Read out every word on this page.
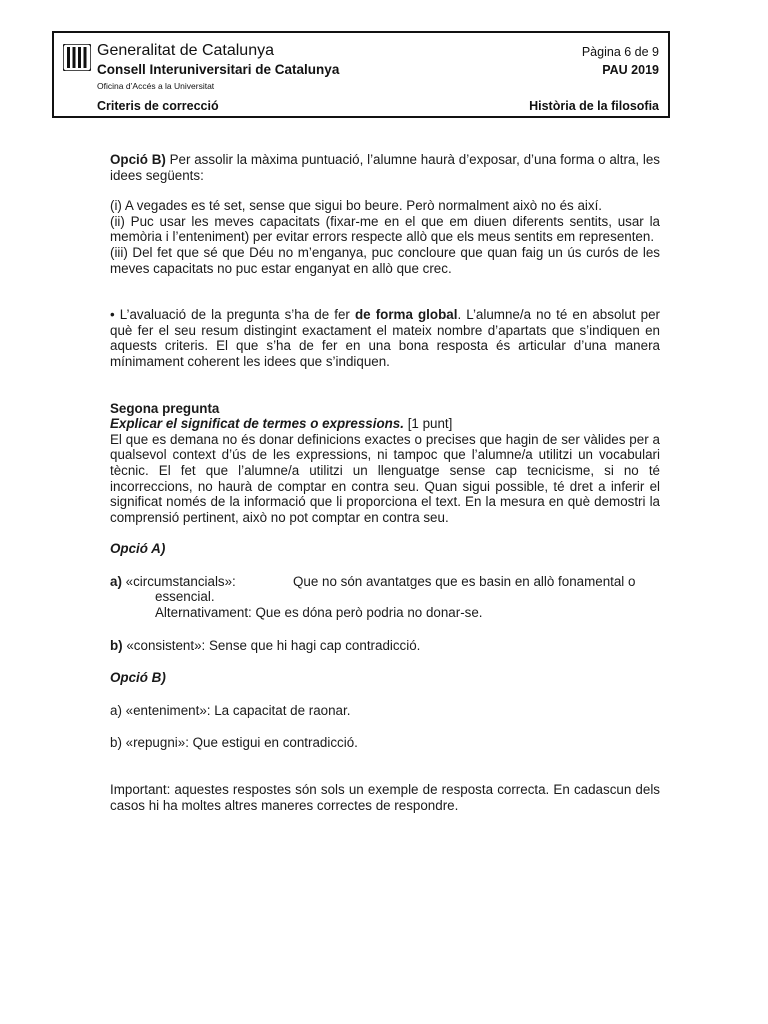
Generalitat de Catalunya
Consell Interuniversitari de Catalunya
Oficina d’Accés a la Universitat
Criteris de correcció
Pàgina 6 de 9
PAU 2019
Història de la filosofia

Opció B) Per assolir la màxima puntuació, l’alumne haurà d’exposar, d’una forma o altra, les idees següents:

(i) A vegades es té set, sense que sigui bo beure. Però normalment això no és així.

(ii) Puc usar les meves capacitats (fixar-me en el que em diuen diferents sentits, usar la memòria i l’enteniment) per evitar errors respecte allò que els meus sentits em representen.

(iii) Del fet que sé que Déu no m’enganya, puc concloure que quan faig un ús curós de les meves capacitats no puc estar enganyat en allò que crec.

• L’avaluació de la pregunta s’ha de fer de forma global. L’alumne/a no té en absolut per què fer el seu resum distingint exactament el mateix nombre d’apartats que s’indiquen en aquests criteris. El que s’ha de fer en una bona resposta és articular d’una manera mínimament coherent les idees que s’indiquen.

Segona pregunta

Explicar el significat de termes o expressions. [1 punt]

El que es demana no és donar definicions exactes o precises que hagin de ser vàlides per a qualsevol context d’ús de les expressions, ni tampoc que l’alumne/a utilitzi un vocabulari tècnic. El fet que l’alumne/a utilitzi un llenguatge sense cap tecnicisme, si no té incorreccions, no haurà de comptar en contra seu. Quan sigui possible, té dret a inferir el significat només de la informació que li proporciona el text. En la mesura en què demostri la comprensió pertinent, això no pot comptar en contra seu.

Opció A)

a) «circumstancials»:	Que no són avantatges que es basin en allò fonamental o

essencial.

Alternativament: Que es dóna però podria no donar-se.

b) «consistent»: Sense que hi hagi cap contradicció.

Opció B)

a) «enteniment»: La capacitat de raonar.

b) «repugni»: Que estigui en contradicció.

Important: aquestes respostes són sols un exemple de resposta correcta. En cadascun dels casos hi ha moltes altres maneres correctes de respondre.
